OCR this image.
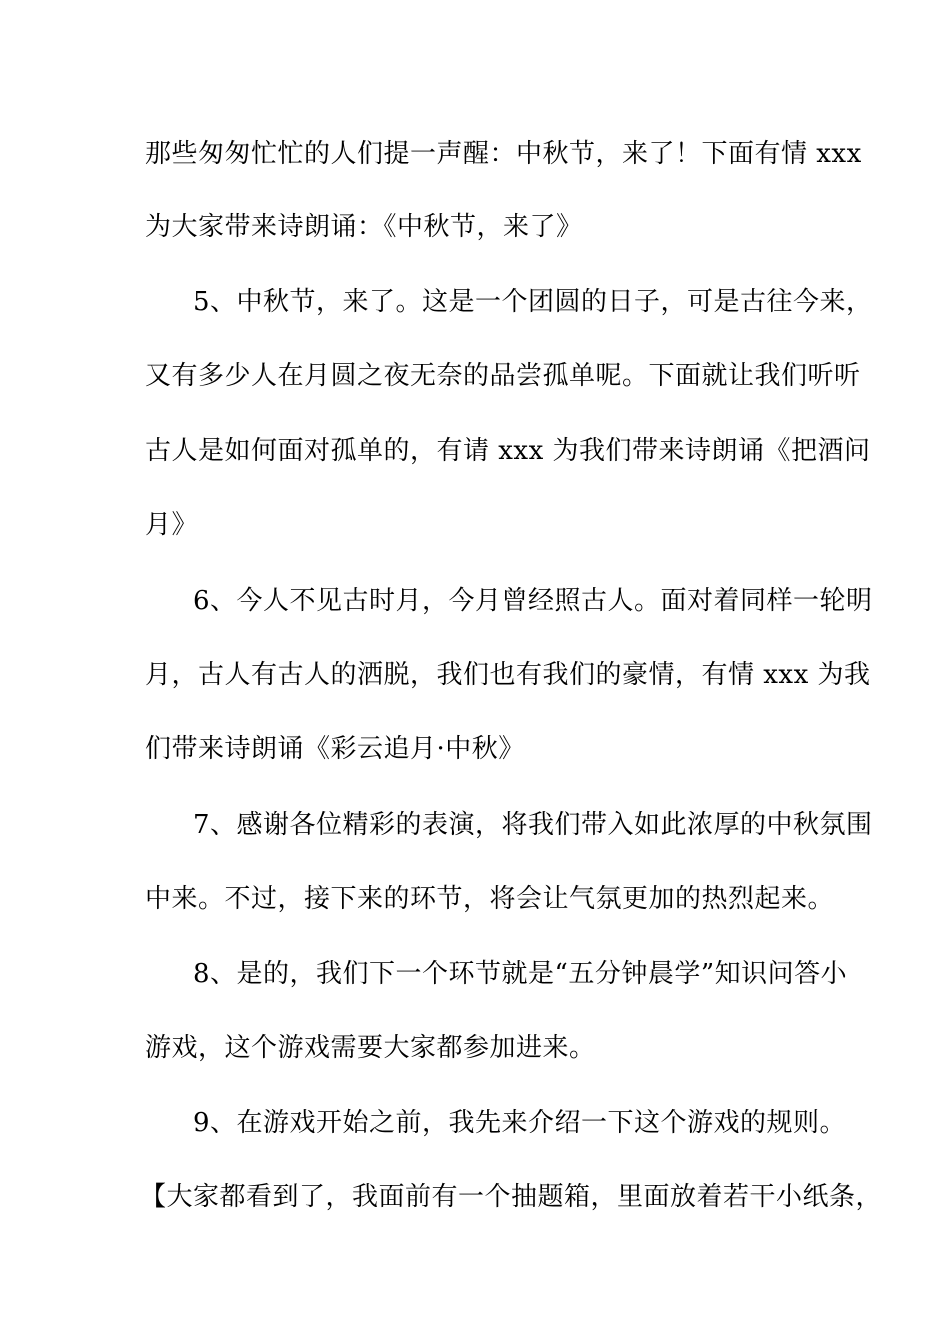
那些匆匆忙忙的人们提一声醒：中秋节，来了！下面有情 xxx
为大家带来诗朗诵：《中秋节，来了》
5、中秋节，来了。这是一个团圆的日子，可是古往今来，
又有多少人在月圆之夜无奈的品尝孤单呢。下面就让我们听听
古人是如何面对孤单的，有请 xxx 为我们带来诗朗诵《把酒问
月》
6、今人不见古时月，今月曾经照古人。面对着同样一轮明
月，古人有古人的洒脱，我们也有我们的豪情，有情 xxx 为我
们带来诗朗诵《彩云追月·中秋》
7、感谢各位精彩的表演，将我们带入如此浓厚的中秋氛围
中来。不过，接下来的环节，将会让气氛更加的热烈起来。
8、是的，我们下一个环节就是“五分钟晨学”知识问答小
游戏，这个游戏需要大家都参加进来。
9、在游戏开始之前，我先来介绍一下这个游戏的规则。
【大家都看到了，我面前有一个抽题箱，里面放着若干小纸条，
